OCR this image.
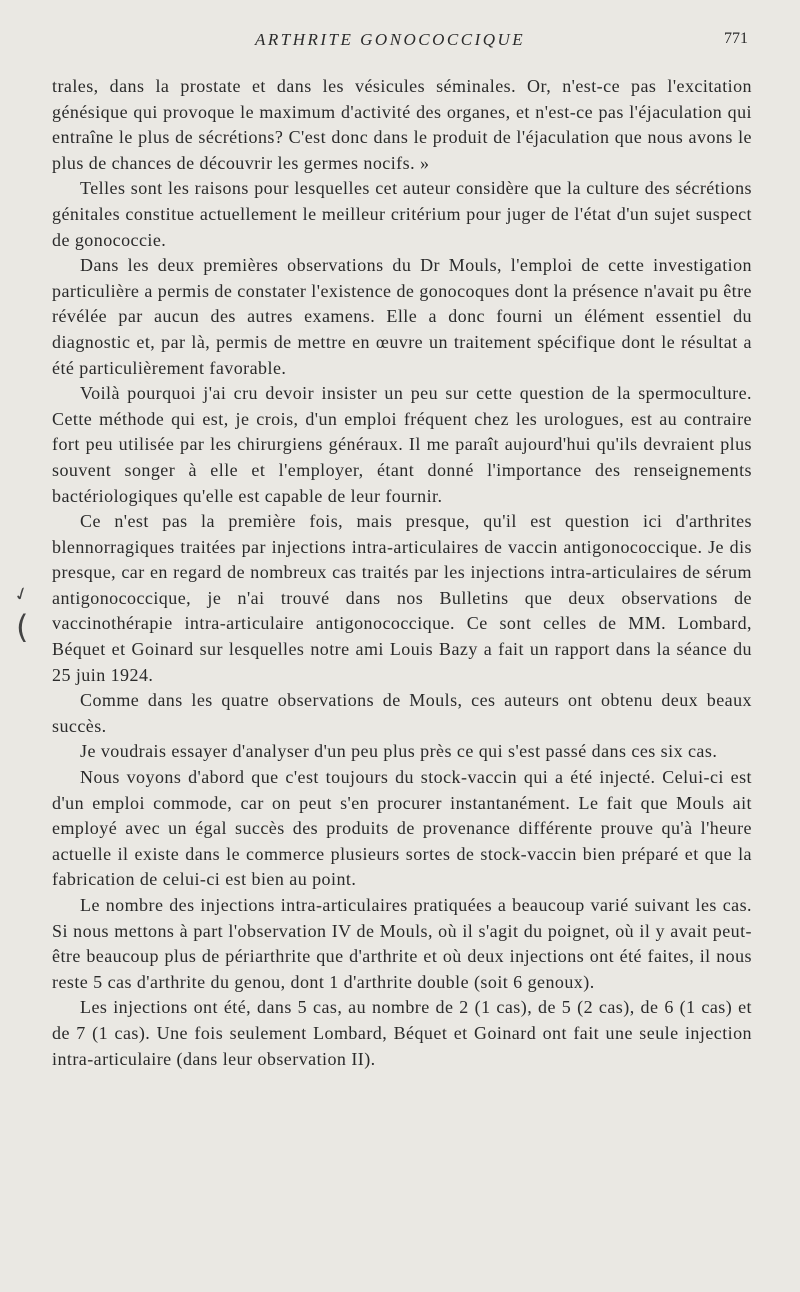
ARTHRITE GONOCOCCIQUE	771

trales, dans la prostate et dans les vésicules séminales. Or, n'est-ce pas l'excitation génésique qui provoque le maximum d'activité des organes, et n'est-ce pas l'éjaculation qui entraîne le plus de sécrétions? C'est donc dans le produit de l'éjaculation que nous avons le plus de chances de découvrir les germes nocifs. »

Telles sont les raisons pour lesquelles cet auteur considère que la culture des sécrétions génitales constitue actuellement le meilleur critérium pour juger de l'état d'un sujet suspect de gonococcie.

Dans les deux premières observations du Dr Mouls, l'emploi de cette investigation particulière a permis de constater l'existence de gonocoques dont la présence n'avait pu être révélée par aucun des autres examens. Elle a donc fourni un élément essentiel du diagnostic et, par là, permis de mettre en œuvre un traitement spécifique dont le résultat a été particulièrement favorable.

Voilà pourquoi j'ai cru devoir insister un peu sur cette question de la spermoculture. Cette méthode qui est, je crois, d'un emploi fréquent chez les urologues, est au contraire fort peu utilisée par les chirurgiens généraux. Il me paraît aujourd'hui qu'ils devraient plus souvent songer à elle et l'employer, étant donné l'importance des renseignements bactériologiques qu'elle est capable de leur fournir.

Ce n'est pas la première fois, mais presque, qu'il est question ici d'arthrites blennorragiques traitées par injections intra-articulaires de vaccin antigonococcique. Je dis presque, car en regard de nombreux cas traités par les injections intra-articulaires de sérum antigonococcique, je n'ai trouvé dans nos Bulletins que deux observations de vaccinothérapie intra-articulaire antigonococcique. Ce sont celles de MM. Lombard, Béquet et Goinard sur lesquelles notre ami Louis Bazy a fait un rapport dans la séance du 25 juin 1924.

Comme dans les quatre observations de Mouls, ces auteurs ont obtenu deux beaux succès.

Je voudrais essayer d'analyser d'un peu plus près ce qui s'est passé dans ces six cas.

Nous voyons d'abord que c'est toujours du stock-vaccin qui a été injecté. Celui-ci est d'un emploi commode, car on peut s'en procurer instantanément. Le fait que Mouls ait employé avec un égal succès des produits de provenance différente prouve qu'à l'heure actuelle il existe dans le commerce plusieurs sortes de stock-vaccin bien préparé et que la fabrication de celui-ci est bien au point.

Le nombre des injections intra-articulaires pratiquées a beaucoup varié suivant les cas. Si nous mettons à part l'observation IV de Mouls, où il s'agit du poignet, où il y avait peut-être beaucoup plus de périarthrite que d'arthrite et où deux injections ont été faites, il nous reste 5 cas d'arthrite du genou, dont 1 d'arthrite double (soit 6 genoux).

Les injections ont été, dans 5 cas, au nombre de 2 (1 cas), de 5 (2 cas), de 6 (1 cas) et de 7 (1 cas). Une fois seulement Lombard, Béquet et Goinard ont fait une seule injection intra-articulaire (dans leur observation II).

✓
(
